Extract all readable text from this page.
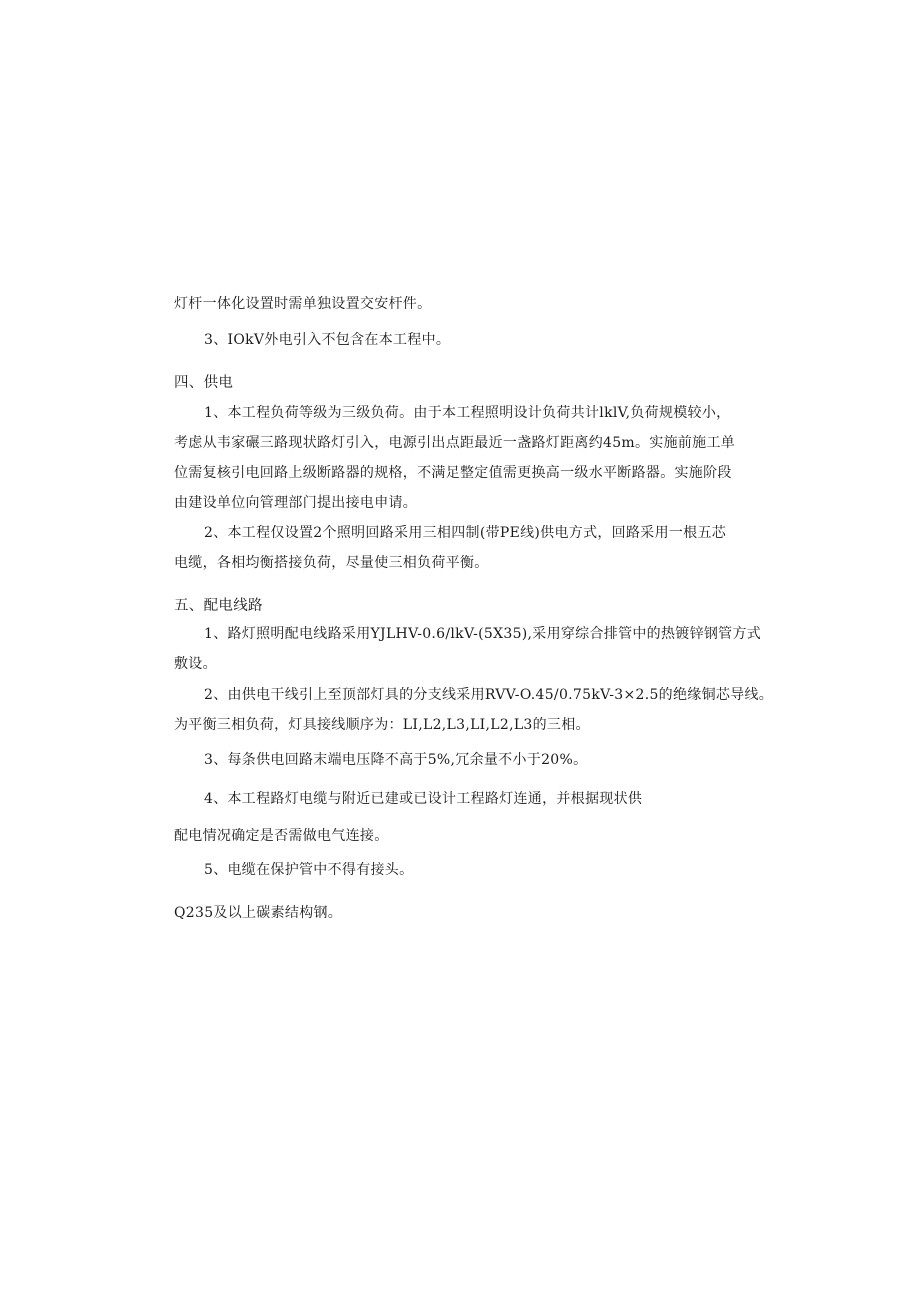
灯杆一体化设置时需单独设置交安杆件。
3、IOkV外电引入不包含在本工程中。
四、供电
1、本工程负荷等级为三级负荷。由于本工程照明设计负荷共计lklV,负荷规模较小，
考虑从韦家碾三路现状路灯引入，电源引出点距最近一盏路灯距离约45m。实施前施工单
位需复核引电回路上级断路器的规格，不满足整定值需更换高一级水平断路器。实施阶段
由建设单位向管理部门提出接电申请。
2、本工程仅设置2个照明回路采用三相四制(带PE线)供电方式，回路采用一根五芯
电缆，各相均衡搭接负荷，尽量使三相负荷平衡。
五、配电线路
1、路灯照明配电线路采用YJLHV-0.6∕lkV-(5X35),采用穿综合排管中的热镀锌钢管方式
敷设。
2、由供电干线引上至顶部灯具的分支线采用RVV-O.45/0.75kV-3×2.5的绝缘铜芯导线。
为平衡三相负荷，灯具接线顺序为：LI,L2,L3,LI,L2,L3的三相。
3、每条供电回路末端电压降不高于5%,冗余量不小于20%。
4、本工程路灯电缆与附近已建或已设计工程路灯连通，并根据现状供
配电情况确定是否需做电气连接。
5、电缆在保护管中不得有接头。
Q235及以上碳素结构钢。
